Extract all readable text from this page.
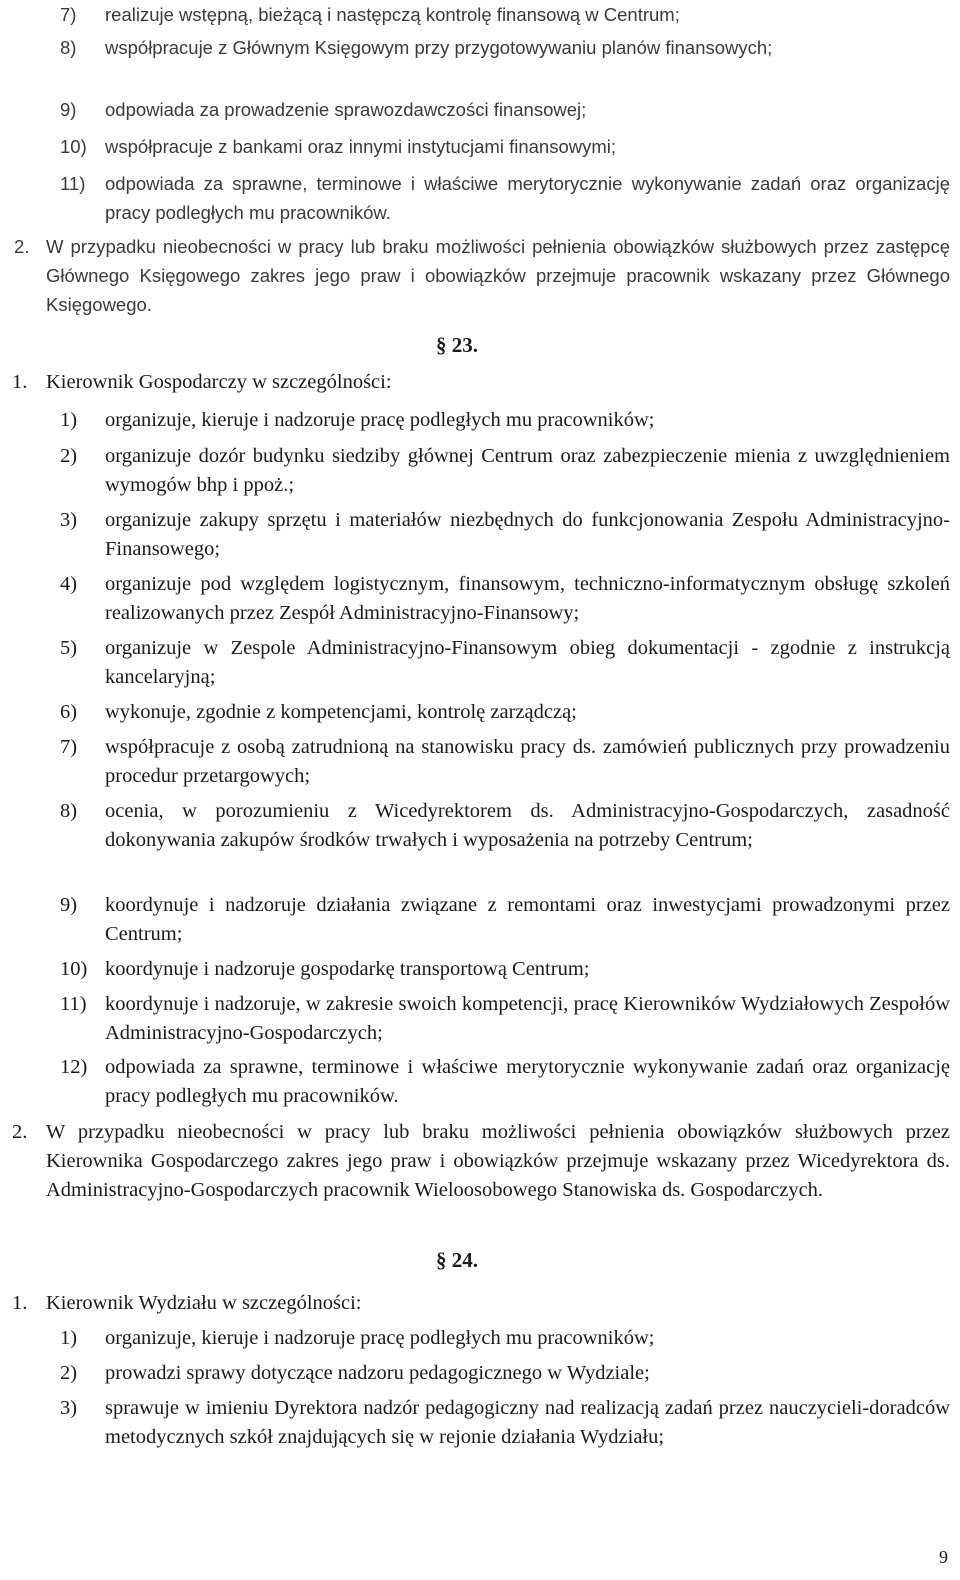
7)	realizuje wstępną, bieżącą i następczą kontrolę finansową w Centrum;
8)	współpracuje z Głównym Księgowym przy przygotowywaniu planów finansowych;
9)	odpowiada za prowadzenie sprawozdawczości finansowej;
10) współpracuje z bankami oraz innymi instytucjami finansowymi;
11)	odpowiada za sprawne, terminowe i właściwe merytorycznie wykonywanie zadań oraz organizację pracy podległych mu pracowników.
2. W przypadku nieobecności w pracy lub braku możliwości pełnienia obowiązków służbowych przez zastępcę Głównego Księgowego zakres jego praw i obowiązków przejmuje pracownik wskazany przez Głównego Księgowego.
§ 23.
1. Kierownik Gospodarczy w szczególności:
1)	organizuje, kieruje i nadzoruje pracę podległych mu pracowników;
2)	organizuje dozór budynku siedziby głównej Centrum oraz zabezpieczenie mienia z uwzględnieniem wymogów bhp i ppoż.;
3)	organizuje zakupy sprzętu i materiałów niezbędnych do funkcjonowania Zespołu Administracyjno-Finansowego;
4)	organizuje pod względem logistycznym, finansowym, techniczno-informatycznym obsługę szkoleń realizowanych przez Zespół Administracyjno-Finansowy;
5)	organizuje w Zespole Administracyjno-Finansowym obieg dokumentacji - zgodnie z instrukcją kancelaryjną;
6)	wykonuje, zgodnie z kompetencjami, kontrolę zarządczą;
7)	współpracuje z osobą zatrudnioną na stanowisku pracy ds. zamówień publicznych przy prowadzeniu procedur przetargowych;
8)	ocenia, w porozumieniu z Wicedyrektorem ds. Administracyjno-Gospodarczych, zasadność dokonywania zakupów środków trwałych i wyposażenia na potrzeby Centrum;
9)	koordynuje i nadzoruje działania związane z remontami oraz inwestycjami prowadzonymi przez Centrum;
10) koordynuje i nadzoruje gospodarkę transportową Centrum;
11) koordynuje i nadzoruje, w zakresie swoich kompetencji, pracę Kierowników Wydziałowych Zespołów Administracyjno-Gospodarczych;
12) odpowiada za sprawne, terminowe i właściwe merytorycznie wykonywanie zadań oraz organizację pracy podległych mu pracowników.
2. W przypadku nieobecności w pracy lub braku możliwości pełnienia obowiązków służbowych przez Kierownika Gospodarczego zakres jego praw i obowiązków przejmuje wskazany przez Wicedyrektora ds. Administracyjno-Gospodarczych pracownik Wieloosobowego Stanowiska ds. Gospodarczych.
§ 24.
1. Kierownik Wydziału w szczególności:
1)	organizuje, kieruje i nadzoruje pracę podległych mu pracowników;
2)	prowadzi sprawy dotyczące nadzoru pedagogicznego w Wydziale;
3)	sprawuje w imieniu Dyrektora nadzór pedagogiczny nad realizacją zadań przez nauczycieli-doradców metodycznych szkół znajdujących się w rejonie działania Wydziału;
9
